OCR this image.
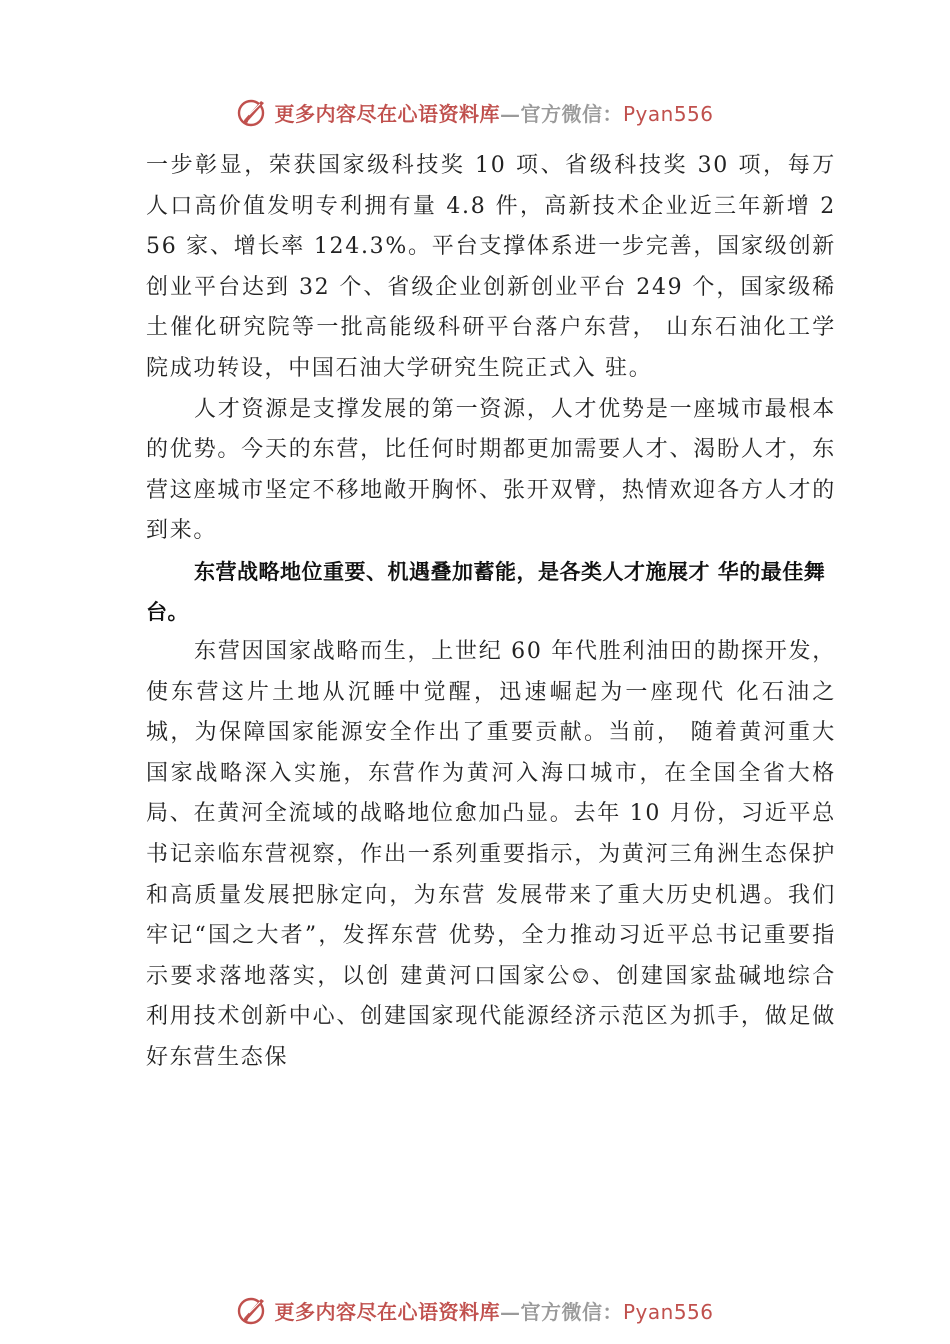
更多内容尽在心语资料库—官方微信：Pyan556

一步彰显，荣获国家级科技奖 10 项、省级科技奖 30 项，每万人口高价值发明专利拥有量 4.8 件，高新技术企业近三年新增 256 家、增长率 124.3%。平台支撑体系进一步完善，国家级创新创业平台达到 32 个、省级企业创新创业平台 249 个，国家级稀土催化研究院等一批高能级科研平台落户东营， 山东石油化工学院成功转设，中国石油大学研究生院正式入 驻。

人才资源是支撑发展的第一资源，人才优势是一座城市最根本的优势。今天的东营，比任何时期都更加需要人才、渴盼人才，东营这座城市坚定不移地敞开胸怀、张开双臂，热情欢迎各方人才的到来。

东营战略地位重要、机遇叠加蓄能，是各类人才施展才 华的最佳舞台。

东营因国家战略而生，上世纪 60 年代胜利油田的勘探开发，使东营这片土地从沉睡中觉醒，迅速崛起为一座现代 化石油之城，为保障国家能源安全作出了重要贡献。当前， 随着黄河重大国家战略深入实施，东营作为黄河入海口城市，在全国全省大格局、在黄河全流域的战略地位愈加凸显。去年 10 月份，习近平总书记亲临东营视察，作出一系列重要指示，为黄河三角洲生态保护和高质量发展把脉定向，为东营 发展带来了重大历史机遇。我们牢记“国之大者”，发挥东营 优势，全力推动习近平总书记重要指示要求落地落实，以创 建黄河口国家公⎊、创建国家盐碱地综合利用技术创新中心、创建国家现代能源经济示范区为抓手，做足做好东营生态保

更多内容尽在心语资料库—官方微信：Pyan556
